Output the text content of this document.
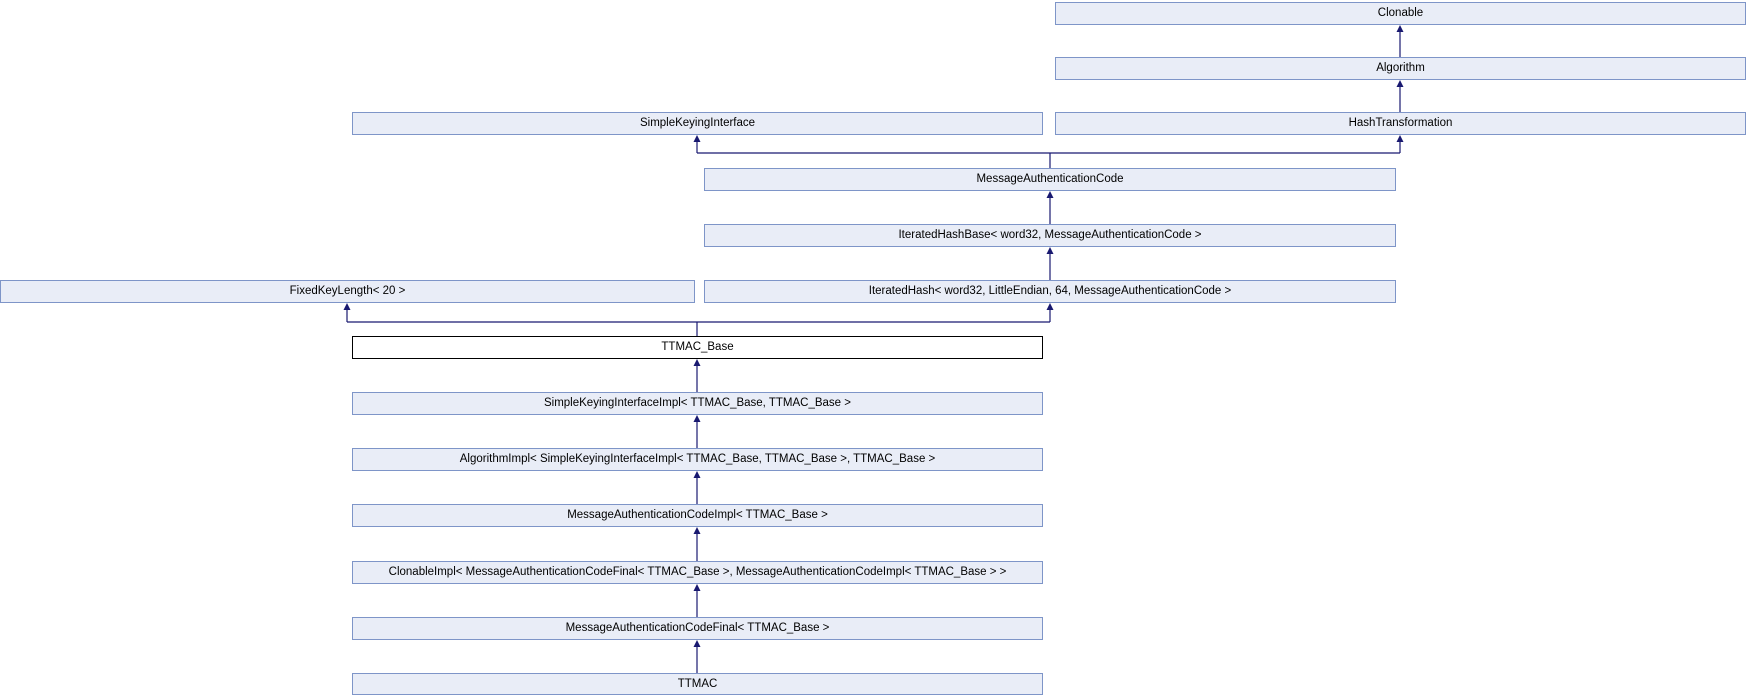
Clonable
Algorithm
SimpleKeyingInterface	HashTransformation
MessageAuthenticationCode
IteratedHashBase< word32, MessageAuthenticationCode >
FixedKeyLength< 20 >	IteratedHash< word32, LittleEndian, 64, MessageAuthenticationCode >
TTMAC_Base
SimpleKeyingInterfaceImpl< TTMAC_Base, TTMAC_Base >
AlgorithmImpl< SimpleKeyingInterfaceImpl< TTMAC_Base, TTMAC_Base >, TTMAC_Base >
MessageAuthenticationCodeImpl< TTMAC_Base >
ClonableImpl< MessageAuthenticationCodeFinal< TTMAC_Base >, MessageAuthenticationCodeImpl< TTMAC_Base > >
MessageAuthenticationCodeFinal< TTMAC_Base >
TTMAC
